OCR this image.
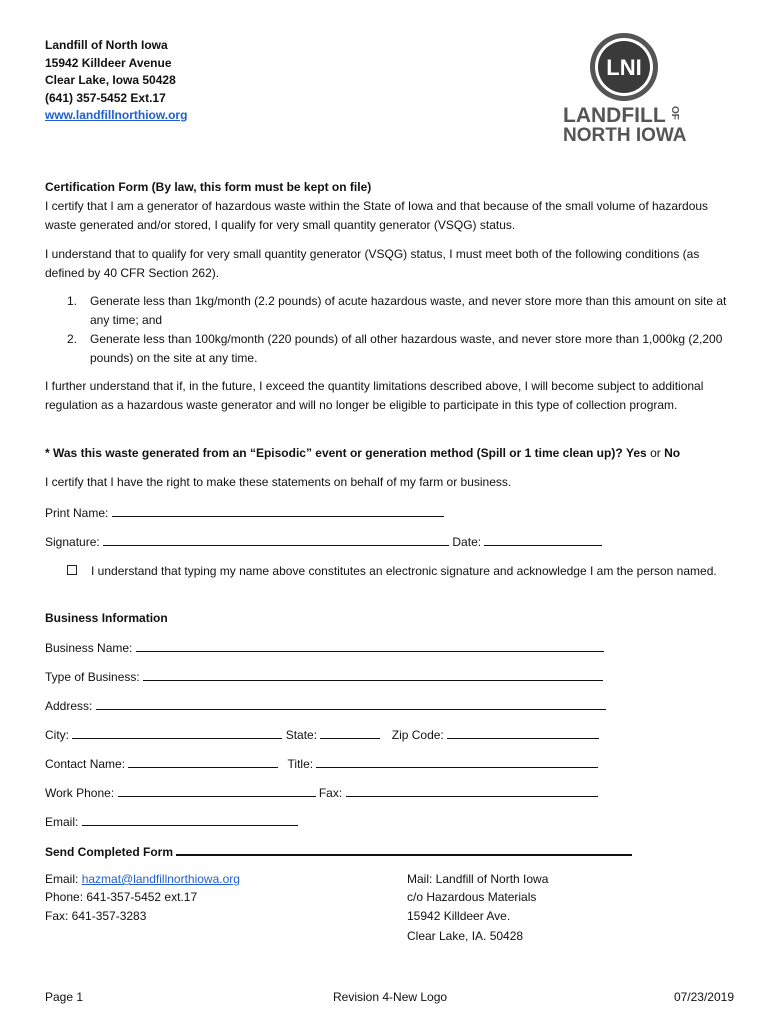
Landfill of North Iowa
15942 Killdeer Avenue
Clear Lake, Iowa 50428
(641) 357-5452 Ext.17
www.landfillnorthiow.org
LNI
LANDFILL OF
NORTH IOWA
Certification Form (By law, this form must be kept on file)
I certify that I am a generator of hazardous waste within the State of Iowa and that because of the small volume of hazardous waste generated and/or stored, I qualify for very small quantity generator (VSQG) status.
I understand that to qualify for very small quantity generator (VSQG) status, I must meet both of the following conditions (as defined by 40 CFR Section 262).
1. Generate less than 1kg/month (2.2 pounds) of acute hazardous waste, and never store more than this amount on site at any time; and
2. Generate less than 100kg/month (220 pounds) of all other hazardous waste, and never store more than 1,000kg (2,200 pounds) on the site at any time.
I further understand that if, in the future, I exceed the quantity limitations described above, I will become subject to additional regulation as a hazardous waste generator and will no longer be eligible to participate in this type of collection program.
* Was this waste generated from an “Episodic” event or generation method (Spill or 1 time clean up)? Yes or No
I certify that I have the right to make these statements on behalf of my farm or business.
Print Name:
Signature:	Date:
I understand that typing my name above constitutes an electronic signature and acknowledge I am the person named.
Business Information
Business Name:
Type of Business:
Address:
City:	State:	Zip Code:
Contact Name:	Title:
Work Phone:	Fax:
Email:
Send Completed Form
Email: hazmat@landfillnorthiowa.org
Phone: 641-357-5452 ext.17
Fax: 641-357-3283
Mail: Landfill of North Iowa
c/o Hazardous Materials
15942 Killdeer Ave.
Clear Lake, IA. 50428
Page 1	Revision 4-New Logo	07/23/2019
